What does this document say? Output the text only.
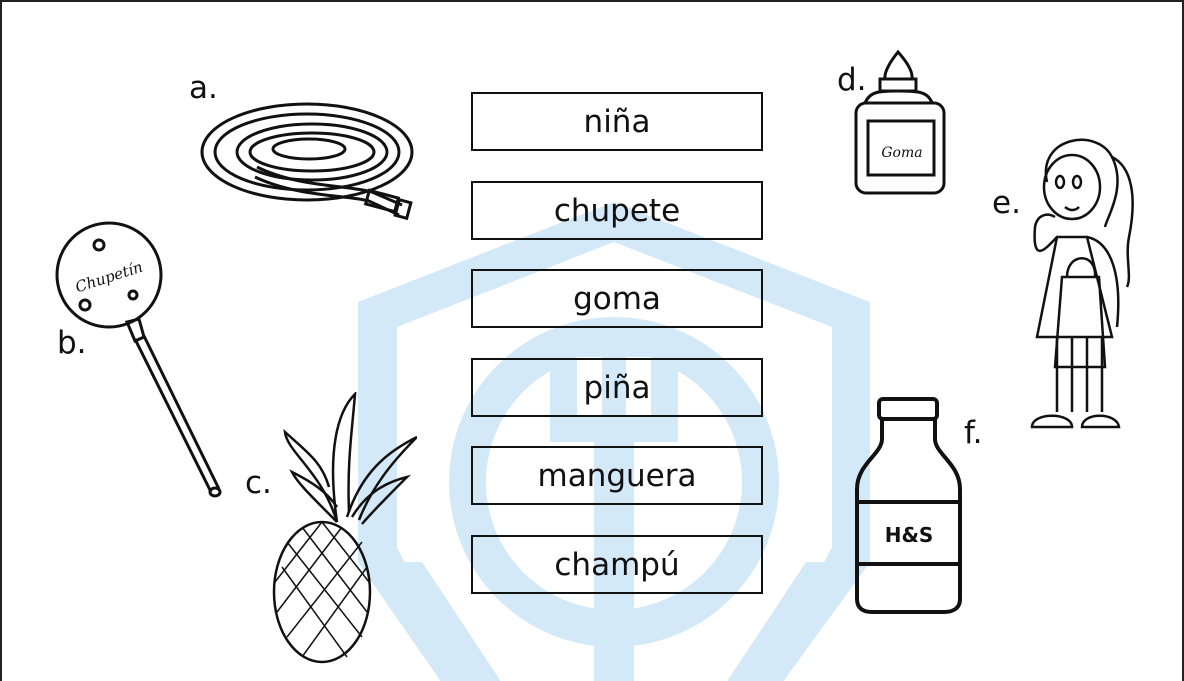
niña
chupete
goma
piña
manguera
champú
a.
b.
c.
d.
e.
f.
Chupetín
Goma
H&S
